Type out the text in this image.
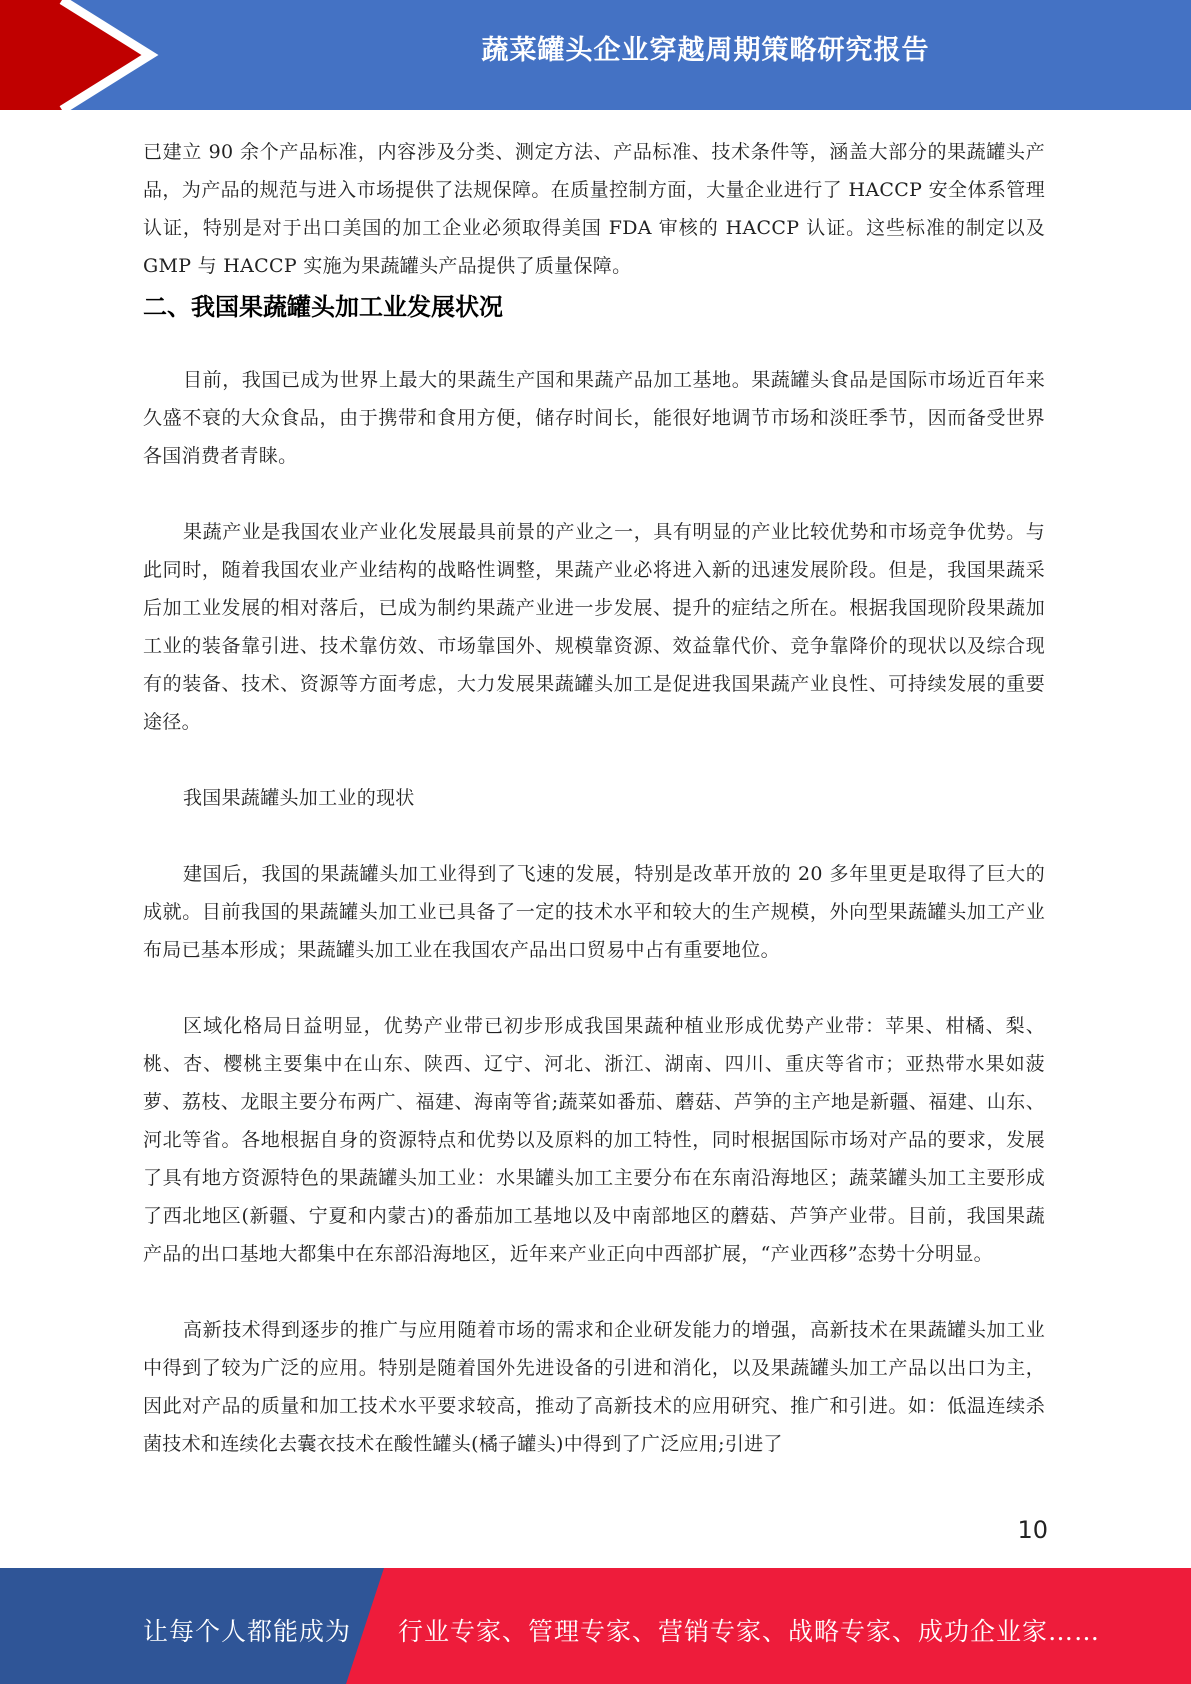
蔬菜罐头企业穿越周期策略研究报告

已建立 90 余个产品标准，内容涉及分类、测定方法、产品标准、技术条件等，涵盖大部分的果蔬罐头产品，为产品的规范与进入市场提供了法规保障。在质量控制方面，大量企业进行了 HACCP 安全体系管理认证，特别是对于出口美国的加工企业必须取得美国 FDA 审核的 HACCP 认证。这些标准的制定以及 GMP 与 HACCP 实施为果蔬罐头产品提供了质量保障。

二、我国果蔬罐头加工业发展状况

目前，我国已成为世界上最大的果蔬生产国和果蔬产品加工基地。果蔬罐头食品是国际市场近百年来久盛不衰的大众食品，由于携带和食用方便，储存时间长，能很好地调节市场和淡旺季节，因而备受世界各国消费者青睐。

果蔬产业是我国农业产业化发展最具前景的产业之一，具有明显的产业比较优势和市场竞争优势。与此同时，随着我国农业产业结构的战略性调整，果蔬产业必将进入新的迅速发展阶段。但是，我国果蔬采后加工业发展的相对落后，已成为制约果蔬产业进一步发展、提升的症结之所在。根据我国现阶段果蔬加工业的装备靠引进、技术靠仿效、市场靠国外、规模靠资源、效益靠代价、竞争靠降价的现状以及综合现有的装备、技术、资源等方面考虑，大力发展果蔬罐头加工是促进我国果蔬产业良性、可持续发展的重要途径。

我国果蔬罐头加工业的现状

建国后，我国的果蔬罐头加工业得到了飞速的发展，特别是改革开放的 20 多年里更是取得了巨大的成就。目前我国的果蔬罐头加工业已具备了一定的技术水平和较大的生产规模，外向型果蔬罐头加工产业布局已基本形成；果蔬罐头加工业在我国农产品出口贸易中占有重要地位。

区域化格局日益明显，优势产业带已初步形成我国果蔬种植业形成优势产业带：苹果、柑橘、梨、桃、杏、樱桃主要集中在山东、陕西、辽宁、河北、浙江、湖南、四川、重庆等省市；亚热带水果如菠萝、荔枝、龙眼主要分布两广、福建、海南等省;蔬菜如番茄、蘑菇、芦笋的主产地是新疆、福建、山东、河北等省。各地根据自身的资源特点和优势以及原料的加工特性，同时根据国际市场对产品的要求，发展了具有地方资源特色的果蔬罐头加工业：水果罐头加工主要分布在东南沿海地区；蔬菜罐头加工主要形成了西北地区(新疆、宁夏和内蒙古)的番茄加工基地以及中南部地区的蘑菇、芦笋产业带。目前，我国果蔬产品的出口基地大都集中在东部沿海地区，近年来产业正向中西部扩展，“产业西移”态势十分明显。

高新技术得到逐步的推广与应用随着市场的需求和企业研发能力的增强，高新技术在果蔬罐头加工业中得到了较为广泛的应用。特别是随着国外先进设备的引进和消化，以及果蔬罐头加工产品以出口为主，因此对产品的质量和加工技术水平要求较高，推动了高新技术的应用研究、推广和引进。如：低温连续杀菌技术和连续化去囊衣技术在酸性罐头(橘子罐头)中得到了广泛应用;引进了

10
让每个人都能成为 行业专家、管理专家、营销专家、战略专家、成功企业家……
